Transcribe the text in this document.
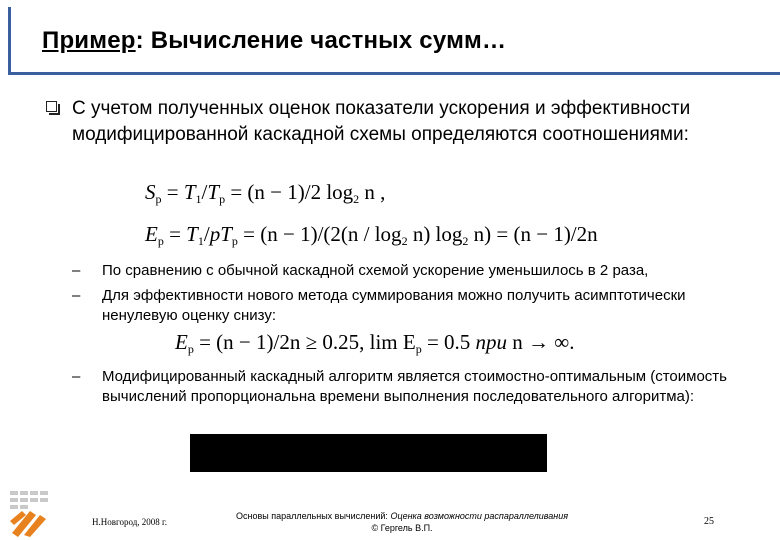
Пример: Вычисление частных сумм…
С учетом полученных оценок показатели ускорения и эффективности модифицированной каскадной схемы определяются соотношениями:
$S_p = T_1/T_p = (n - 1)/2$ $\log_2 n$ ,
$E_p = T_1/pT_p = (n - 1)/(2(n / \log_2 n)$ $\log_2 n) = (n - 1)/2n$
– По сравнению с обычной каскадной схемой ускорение уменьшилось в 2 раза,
– Для эффективности нового метода суммирования можно получить асимптотически ненулевую оценку снизу:
$E_p = (n - 1)/2n \ge 0.25$, $\lim E_p = 0.5$ при n → ∞.
– Модифицированный каскадный алгоритм является стоимостно-оптимальным (стоимость вычислений пропорциональна времени выполнения последовательного алгоритма):
Н.Новгород, 2008 г.
Основы параллельных вычислений: Оценка возможности распараллеливания
© Гергель В.П.
25
